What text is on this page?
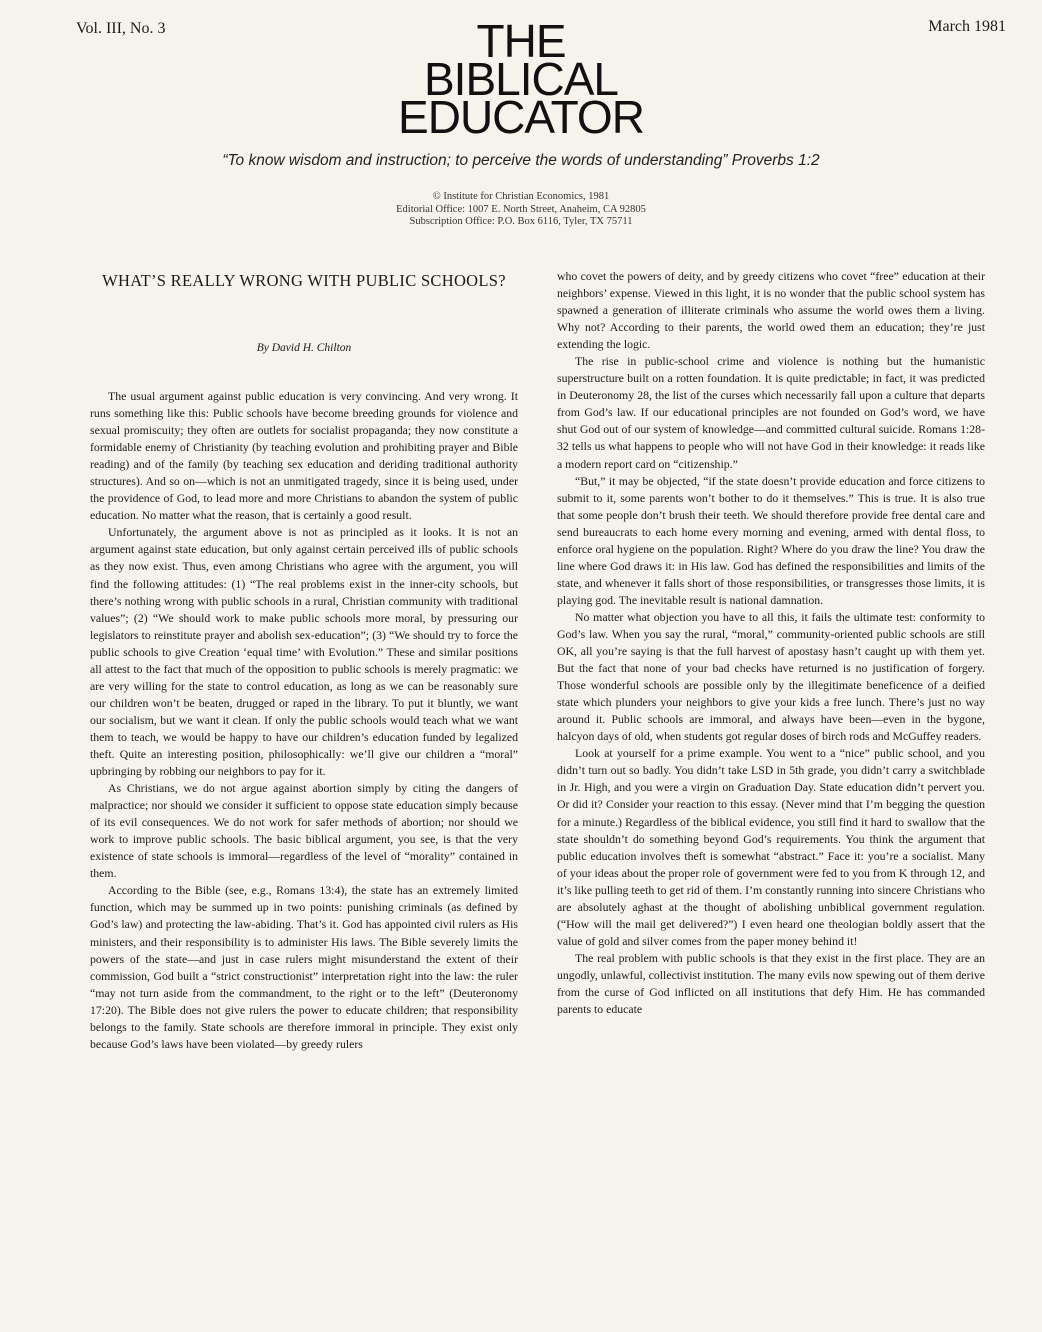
Vol. III, No. 3	March 1981
THE
BIBLICAL
EDUCATOR
“To know wisdom and instruction; to perceive the words of understanding” Proverbs 1:2
© Institute for Christian Economics, 1981
Editorial Office: 1007 E. North Street, Anaheim, CA 92805
Subscription Office: P.O. Box 6116, Tyler, TX 75711
WHAT’S REALLY WRONG WITH PUBLIC SCHOOLS?
By David H. Chilton

The usual argument against public education is very convincing. And very wrong. It runs something like this: Public schools have become breeding grounds for violence and sexual promiscuity; they often are outlets for socialist propaganda; they now constitute a formidable enemy of Christianity (by teaching evolution and prohibiting prayer and Bible reading) and of the family (by teaching sex education and deriding traditional authority structures). And so on—which is not an unmitigated tragedy, since it is being used, under the providence of God, to lead more and more Christians to abandon the system of public education. No matter what the reason, that is certainly a good result.

Unfortunately, the argument above is not as principled as it looks. It is not an argument against state education, but only against certain perceived ills of public schools as they now exist. Thus, even among Christians who agree with the argument, you will find the following attitudes: (1) “The real problems exist in the inner-city schools, but there’s nothing wrong with public schools in a rural, Christian community with traditional values”; (2) “We should work to make public schools more moral, by pressuring our legislators to reinstitute prayer and abolish sex-education”; (3) “We should try to force the public schools to give Creation ‘equal time’ with Evolution.” These and similar positions all attest to the fact that much of the opposition to public schools is merely pragmatic: we are very willing for the state to control education, as long as we can be reasonably sure our children won’t be beaten, drugged or raped in the library. To put it bluntly, we want our socialism, but we want it clean. If only the public schools would teach what we want them to teach, we would be happy to have our children’s education funded by legalized theft. Quite an interesting position, philosophically: we’ll give our children a “moral” upbringing by robbing our neighbors to pay for it.

As Christians, we do not argue against abortion simply by citing the dangers of malpractice; nor should we consider it sufficient to oppose state education simply because of its evil consequences. We do not work for safer methods of abortion; nor should we work to improve public schools. The basic biblical argument, you see, is that the very existence of state schools is immoral—regardless of the level of “morality” contained in them.

According to the Bible (see, e.g., Romans 13:4), the state has an extremely limited function, which may be summed up in two points: punishing criminals (as defined by God’s law) and protecting the law-abiding. That’s it. God has appointed civil rulers as His ministers, and their responsibility is to administer His laws. The Bible severely limits the powers of the state—and just in case rulers might misunderstand the extent of their commission, God built a “strict constructionist” interpretation right into the law: the ruler “may not turn aside from the commandment, to the right or to the left” (Deuteronomy 17:20). The Bible does not give rulers the power to educate children; that responsibility belongs to the family. State schools are therefore immoral in principle. They exist only because God’s laws have been violated—by greedy rulers

who covet the powers of deity, and by greedy citizens who covet “free” education at their neighbors’ expense. Viewed in this light, it is no wonder that the public school system has spawned a generation of illiterate criminals who assume the world owes them a living. Why not? According to their parents, the world owed them an education; they’re just extending the logic.

The rise in public-school crime and violence is nothing but the humanistic superstructure built on a rotten foundation. It is quite predictable; in fact, it was predicted in Deuteronomy 28, the list of the curses which necessarily fall upon a culture that departs from God’s law. If our educational principles are not founded on God’s word, we have shut God out of our system of knowledge—and committed cultural suicide. Romans 1:28-32 tells us what happens to people who will not have God in their knowledge: it reads like a modern report card on “citizenship.”

“But,” it may be objected, “if the state doesn’t provide education and force citizens to submit to it, some parents won’t bother to do it themselves.” This is true. It is also true that some people don’t brush their teeth. We should therefore provide free dental care and send bureaucrats to each home every morning and evening, armed with dental floss, to enforce oral hygiene on the population. Right? Where do you draw the line? You draw the line where God draws it: in His law. God has defined the responsibilities and limits of the state, and whenever it falls short of those responsibilities, or transgresses those limits, it is playing god. The inevitable result is national damnation.

No matter what objection you have to all this, it fails the ultimate test: conformity to God’s law. When you say the rural, “moral,” community-oriented public schools are still OK, all you’re saying is that the full harvest of apostasy hasn’t caught up with them yet. But the fact that none of your bad checks have returned is no justification of forgery. Those wonderful schools are possible only by the illegitimate beneficence of a deified state which plunders your neighbors to give your kids a free lunch. There’s just no way around it. Public schools are immoral, and always have been—even in the bygone, halcyon days of old, when students got regular doses of birch rods and McGuffey readers.

Look at yourself for a prime example. You went to a “nice” public school, and you didn’t turn out so badly. You didn’t take LSD in 5th grade, you didn’t carry a switchblade in Jr. High, and you were a virgin on Graduation Day. State education didn’t pervert you. Or did it? Consider your reaction to this essay. (Never mind that I’m begging the question for a minute.) Regardless of the biblical evidence, you still find it hard to swallow that the state shouldn’t do something beyond God’s requirements. You think the argument that public education involves theft is somewhat “abstract.” Face it: you’re a socialist. Many of your ideas about the proper role of government were fed to you from K through 12, and it’s like pulling teeth to get rid of them. I’m constantly running into sincere Christians who are absolutely aghast at the thought of abolishing unbiblical government regulation. (“How will the mail get delivered?”) I even heard one theologian boldly assert that the value of gold and silver comes from the paper money behind it!

The real problem with public schools is that they exist in the first place. They are an ungodly, unlawful, collectivist institution. The many evils now spewing out of them derive from the curse of God inflicted on all institutions that defy Him. He has commanded parents to educate
